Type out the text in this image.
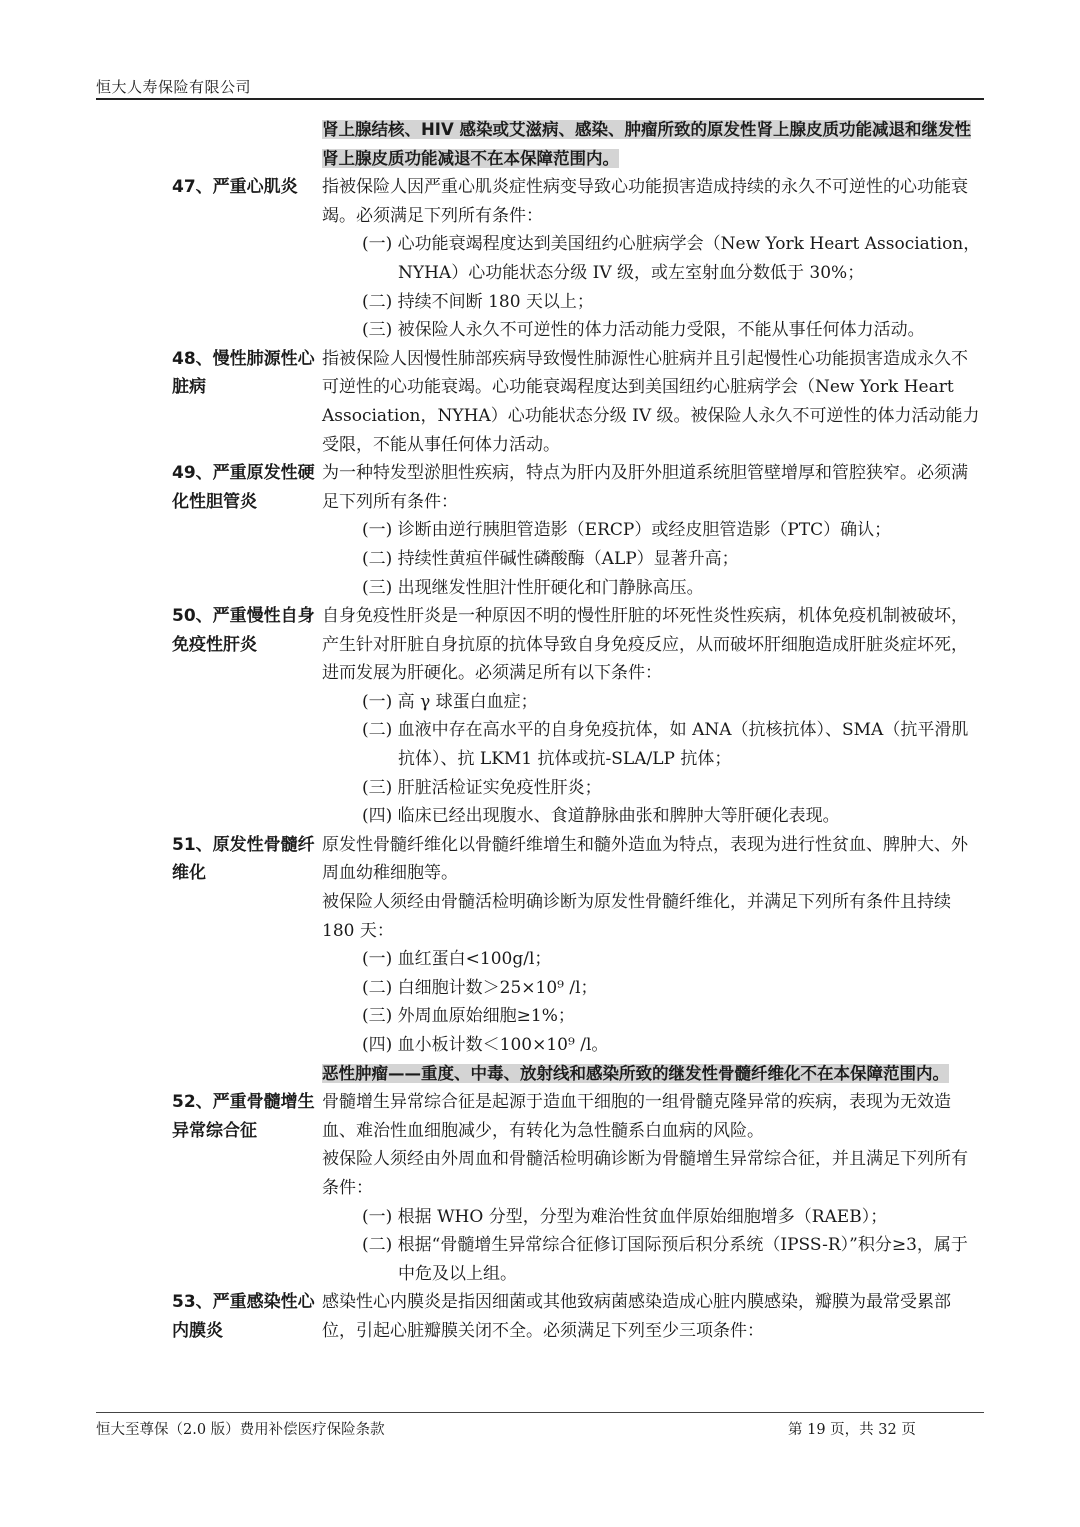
恒大人寿保险有限公司
肾上腺结核、HIV 感染或艾滋病、感染、肿瘤所致的原发性肾上腺皮质功能减退和继发性肾上腺皮质功能减退不在本保障范围内。
47、严重心肌炎	指被保险人因严重心肌炎症性病变导致心功能损害造成持续的永久不可逆性的心功能衰竭。必须满足下列所有条件：

(一) 心功能衰竭程度达到美国纽约心脏病学会（New York Heart Association，NYHA）心功能状态分级 IV 级，或左室射血分数低于 30%；

(二) 持续不间断 180 天以上；

(三) 被保险人永久不可逆性的体力活动能力受限，不能从事任何体力活动。

48、慢性肺源性心脏病

指被保险人因慢性肺部疾病导致慢性肺源性心脏病并且引起慢性心功能损害造成永久不可逆性的心功能衰竭。心功能衰竭程度达到美国纽约心脏病学会（New York Heart Association，NYHA）心功能状态分级 IV 级。被保险人永久不可逆性的体力活动能力受限，不能从事任何体力活动。

49、严重原发性硬化性胆管炎

为一种特发型淤胆性疾病，特点为肝内及肝外胆道系统胆管壁增厚和管腔狭窄。必须满足下列所有条件：

(一) 诊断由逆行胰胆管造影（ERCP）或经皮胆管造影（PTC）确认；

(二) 持续性黄疸伴碱性磷酸酶（ALP）显著升高；

(三) 出现继发性胆汁性肝硬化和门静脉高压。

50、严重慢性自身免疫性肝炎

自身免疫性肝炎是一种原因不明的慢性肝脏的坏死性炎性疾病，机体免疫机制被破坏，产生针对肝脏自身抗原的抗体导致自身免疫反应，从而破坏肝细胞造成肝脏炎症坏死，进而发展为肝硬化。必须满足所有以下条件：

(一) 高 γ 球蛋白血症；

(二) 血液中存在高水平的自身免疫抗体，如 ANA（抗核抗体）、SMA（抗平滑肌抗体）、抗 LKM1 抗体或抗-SLA/LP 抗体；

(三) 肝脏活检证实免疫性肝炎；

(四) 临床已经出现腹水、食道静脉曲张和脾肿大等肝硬化表现。

51、原发性骨髓纤维化

原发性骨髓纤维化以骨髓纤维增生和髓外造血为特点，表现为进行性贫血、脾肿大、外周血幼稚细胞等。

被保险人须经由骨髓活检明确诊断为原发性骨髓纤维化，并满足下列所有条件且持续 180 天：

(一) 血红蛋白<100g/l；

(二) 白细胞计数＞25×10⁹ /l；

(三) 外周血原始细胞≥1%；

(四) 血小板计数＜100×10⁹ /l。

恶性肿瘤——重度、中毒、放射线和感染所致的继发性骨髓纤维化不在本保障范围内。

52、严重骨髓增生异常综合征

骨髓增生异常综合征是起源于造血干细胞的一组骨髓克隆异常的疾病，表现为无效造血、难治性血细胞减少，有转化为急性髓系白血病的风险。

被保险人须经由外周血和骨髓活检明确诊断为骨髓增生异常综合征，并且满足下列所有条件：

(一) 根据 WHO 分型，分型为难治性贫血伴原始细胞增多（RAEB）；

(二) 根据“骨髓增生异常综合征修订国际预后积分系统（IPSS-R）”积分≥3，属于中危及以上组。

53、严重感染性心内膜炎

感染性心内膜炎是指因细菌或其他致病菌感染造成心脏内膜感染，瓣膜为最常受累部位，引起心脏瓣膜关闭不全。必须满足下列至少三项条件：

恒大至尊保（2.0 版）费用补偿医疗保险条款	第 19 页，共 32 页
